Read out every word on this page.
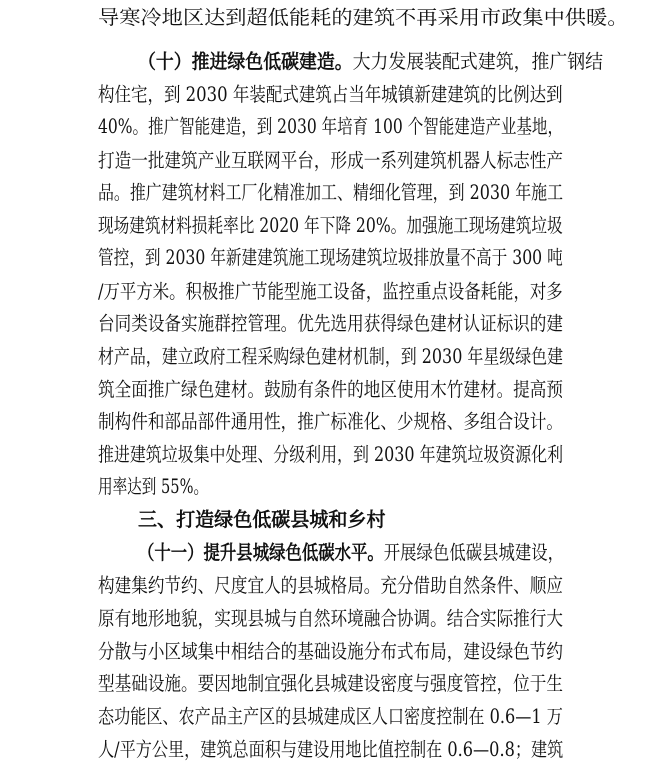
导寒冷地区达到超低能耗的建筑不再采用市政集中供暖。
（十）推进绿色低碳建造。大力发展装配式建筑，推广钢结
构住宅，到 2030 年装配式建筑占当年城镇新建建筑的比例达到
40%。推广智能建造，到 2030 年培育 100 个智能建造产业基地，
打造一批建筑产业互联网平台，形成一系列建筑机器人标志性产
品。推广建筑材料工厂化精准加工、精细化管理，到 2030 年施工
现场建筑材料损耗率比 2020 年下降 20%。加强施工现场建筑垃圾
管控，到 2030 年新建建筑施工现场建筑垃圾排放量不高于 300 吨
/万平方米。积极推广节能型施工设备，监控重点设备耗能，对多
台同类设备实施群控管理。优先选用获得绿色建材认证标识的建
材产品，建立政府工程采购绿色建材机制，到 2030 年星级绿色建
筑全面推广绿色建材。鼓励有条件的地区使用木竹建材。提高预
制构件和部品部件通用性，推广标准化、少规格、多组合设计。
推进建筑垃圾集中处理、分级利用，到 2030 年建筑垃圾资源化利
用率达到 55%。
三、打造绿色低碳县城和乡村
（十一）提升县城绿色低碳水平。开展绿色低碳县城建设，
构建集约节约、尺度宜人的县城格局。充分借助自然条件、顺应
原有地形地貌，实现县城与自然环境融合协调。结合实际推行大
分散与小区域集中相结合的基础设施分布式布局，建设绿色节约
型基础设施。要因地制宜强化县城建设密度与强度管控，位于生
态功能区、农产品主产区的县城建成区人口密度控制在 0.6—1 万
人/平方公里，建筑总面积与建设用地比值控制在 0.6—0.8；建筑
